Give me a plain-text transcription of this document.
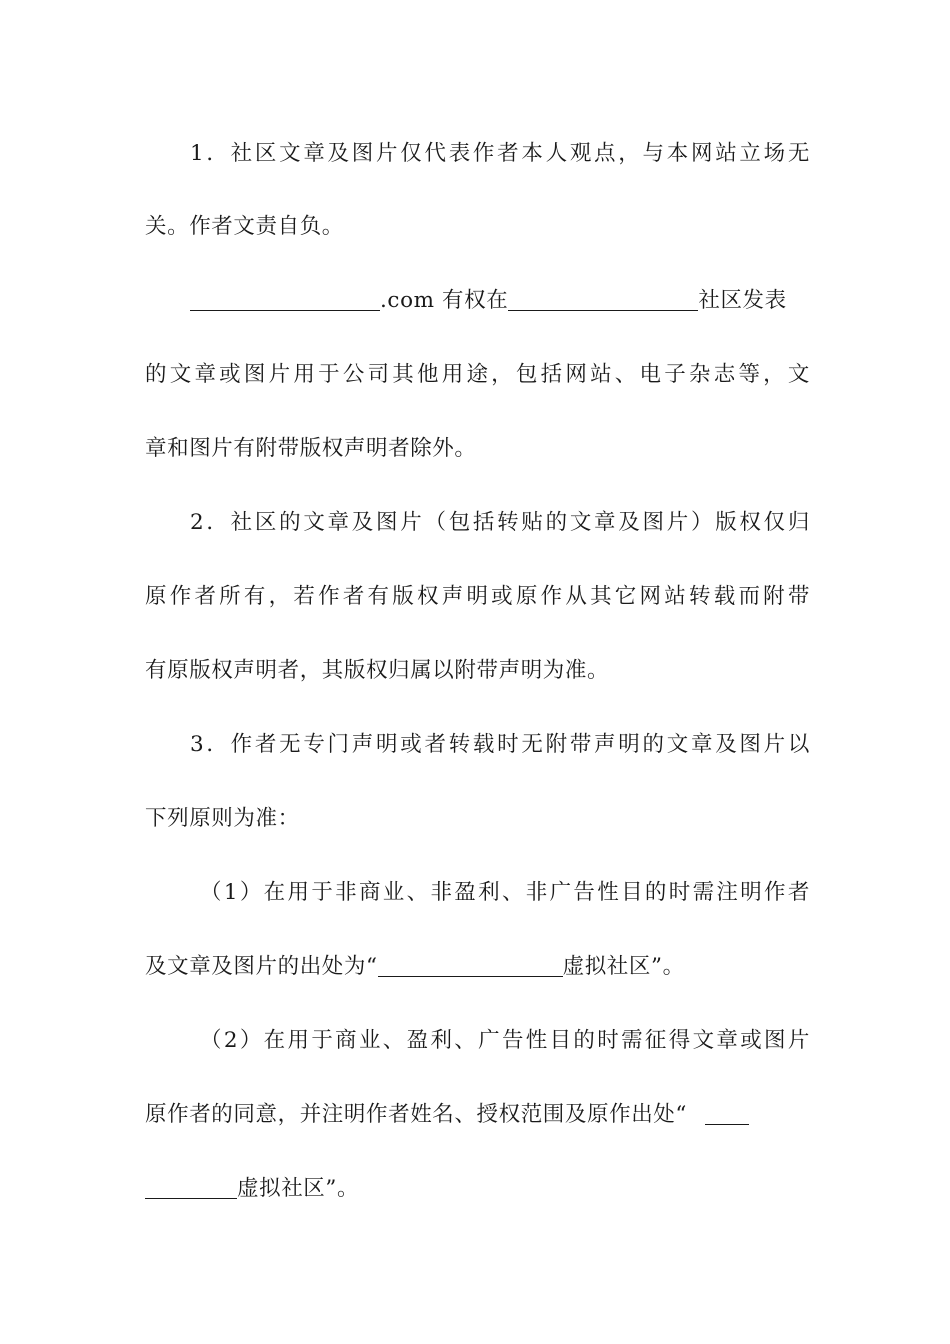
1．社区文章及图片仅代表作者本人观点，与本网站立场无
关。作者文责自负。
.com 有权在	社区发表
的文章或图片用于公司其他用途，包括网站、电子杂志等，文
章和图片有附带版权声明者除外。
2．社区的文章及图片（包括转贴的文章及图片）版权仅归
原作者所有，若作者有版权声明或原作从其它网站转载而附带
有原版权声明者，其版权归属以附带声明为准。
3．作者无专门声明或者转载时无附带声明的文章及图片以
下列原则为准：
（1）在用于非商业、非盈利、非广告性目的时需注明作者
及文章及图片的出处为“	虚拟社区”。
（2）在用于商业、盈利、广告性目的时需征得文章或图片
原作者的同意，并注明作者姓名、授权范围及原作出处“
虚拟社区”。
